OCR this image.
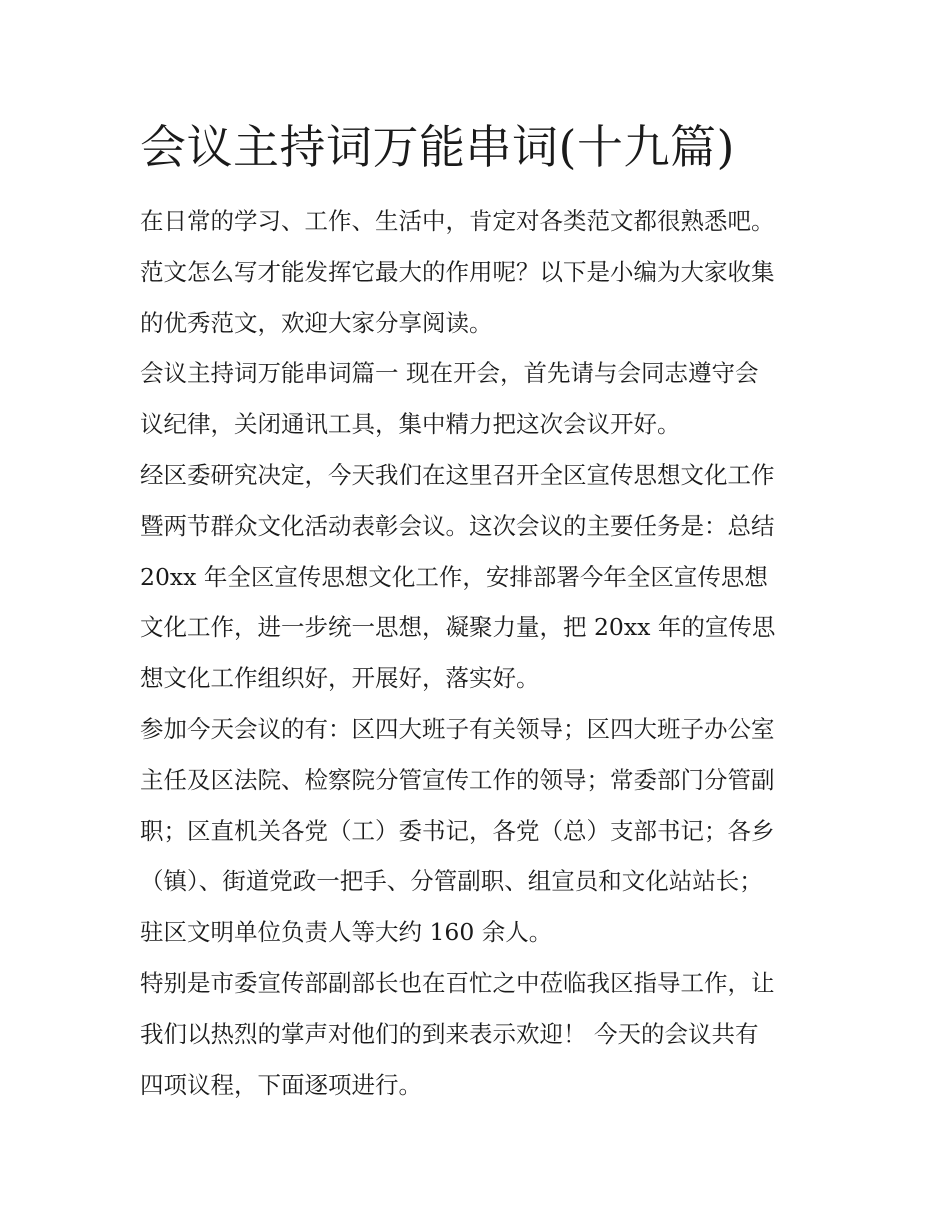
会议主持词万能串词(十九篇)

在日常的学习、工作、生活中，肯定对各类范文都很熟悉吧。
范文怎么写才能发挥它最大的作用呢？以下是小编为大家收集
的优秀范文，欢迎大家分享阅读。

会议主持词万能串词篇一 现在开会，首先请与会同志遵守会
议纪律，关闭通讯工具，集中精力把这次会议开好。

经区委研究决定，今天我们在这里召开全区宣传思想文化工作
暨两节群众文化活动表彰会议。这次会议的主要任务是：总结
20xx 年全区宣传思想文化工作，安排部署今年全区宣传思想
文化工作，进一步统一思想，凝聚力量，把 20xx 年的宣传思
想文化工作组织好，开展好，落实好。

参加今天会议的有：区四大班子有关领导；区四大班子办公室
主任及区法院、检察院分管宣传工作的领导；常委部门分管副
职；区直机关各党（工）委书记，各党（总）支部书记；各乡
（镇）、街道党政一把手、分管副职、组宣员和文化站站长；
驻区文明单位负责人等大约 160 余人。

特别是市委宣传部副部长也在百忙之中莅临我区指导工作，让
我们以热烈的掌声对他们的到来表示欢迎！ 今天的会议共有
四项议程，下面逐项进行。
